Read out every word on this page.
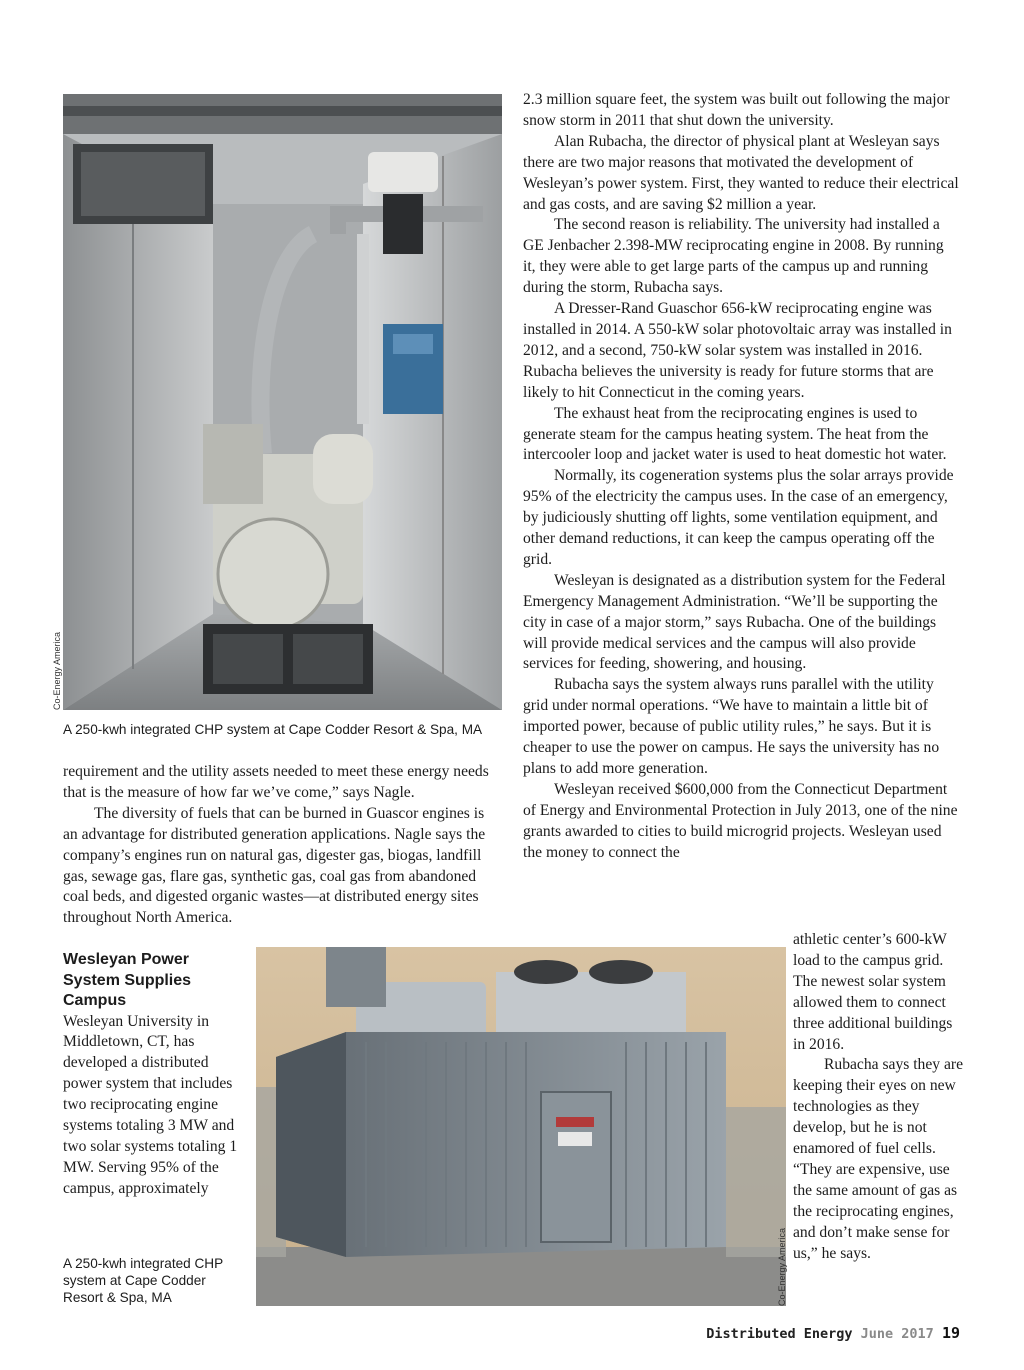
Co-Energy America
A 250-kwh integrated CHP system at Cape Codder Resort & Spa, MA

requirement and the utility assets needed to meet these energy needs that is the measure of how far we’ve come,” says Nagle.

The diversity of fuels that can be burned in Guascor engines is an advantage for distributed generation applications. Nagle says the company’s engines run on natural gas, digester gas, biogas, landfill gas, sewage gas, flare gas, synthetic gas, coal gas from abandoned coal beds, and digested organic wastes—at distributed energy sites throughout North America.

Wesleyan Power System Supplies Campus

Wesleyan University in Middletown, CT, has developed a distributed power system that includes two reciprocating engine systems totaling 3 MW and two solar systems totaling 1 MW. Serving 95% of the campus, approximately

A 250-kwh integrated CHP system at Cape Codder Resort & Spa, MA	Co-Energy America

2.3 million square feet, the system was built out following the major snow storm in 2011 that shut down the university.

Alan Rubacha, the director of physical plant at Wesleyan says there are two major reasons that motivated the development of Wesleyan’s power system. First, they wanted to reduce their electrical and gas costs, and are saving $2 million a year.

The second reason is reliability. The university had installed a GE Jenbacher 2.398-MW reciprocating engine in 2008. By running it, they were able to get large parts of the campus up and running during the storm, Rubacha says.

A Dresser-Rand Guaschor 656-kW reciprocating engine was installed in 2014. A 550-kW solar photovoltaic array was installed in 2012, and a second, 750-kW solar system was installed in 2016. Rubacha believes the university is ready for future storms that are likely to hit Connecticut in the coming years.

The exhaust heat from the reciprocating engines is used to generate steam for the campus heating system. The heat from the intercooler loop and jacket water is used to heat domestic hot water.

Normally, its cogeneration systems plus the solar arrays provide 95% of the electricity the campus uses. In the case of an emergency, by judiciously shutting off lights, some ventilation equipment, and other demand reductions, it can keep the campus operating off the grid.

Wesleyan is designated as a distribution system for the Federal Emergency Management Administration. “We’ll be supporting the city in case of a major storm,” says Rubacha. One of the buildings will provide medical services and the campus will also provide services for feeding, showering, and housing.

Rubacha says the system always runs parallel with the utility grid under normal operations. “We have to maintain a little bit of imported power, because of public utility rules,” he says. But it is cheaper to use the power on campus. He says the university has no plans to add more generation.

Wesleyan received $600,000 from the Connecticut Department of Energy and Environmental Protection in July 2013, one of the nine grants awarded to cities to build microgrid projects. Wesleyan used the money to connect the

athletic center’s 600-kW load to the campus grid. The newest solar system allowed them to connect three additional buildings in 2016.

Rubacha says they are keeping their eyes on new technologies as they develop, but he is not enamored of fuel cells. “They are expensive, use the same amount of gas as the reciprocating engines, and don’t make sense for us,” he says.

Distributed Energy June 2017 19
